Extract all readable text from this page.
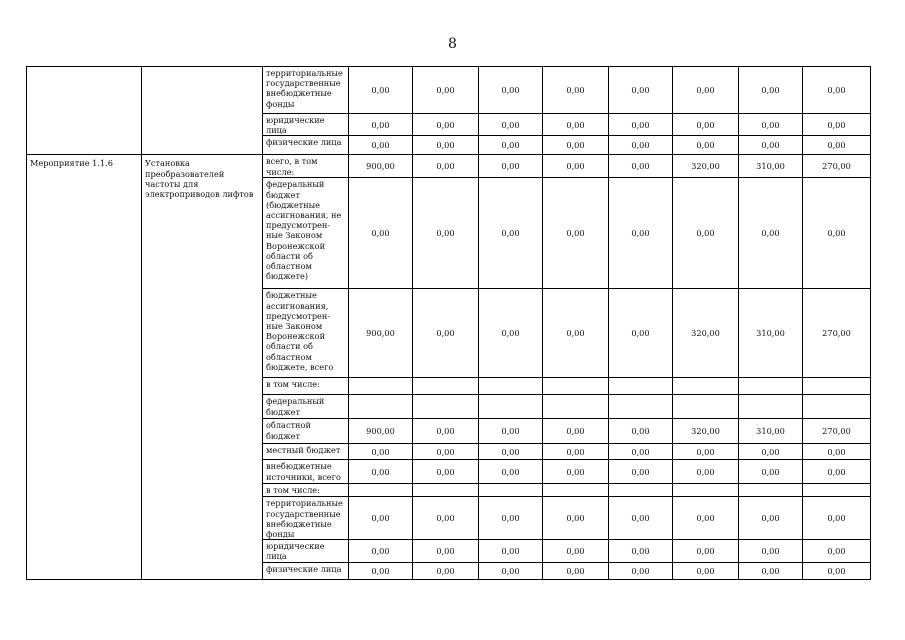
8
		территориальные государственные внебюджетные фонды	0,00	0,00	0,00	0,00	0,00	0,00	0,00	0,00
		юридические лица	0,00	0,00	0,00	0,00	0,00	0,00	0,00	0,00
		физические лица	0,00	0,00	0,00	0,00	0,00	0,00	0,00	0,00
Мероприятие 1.1.6	Установка преобразователей частоты для электроприводов лифтов	всего, в том числе:	900,00	0,00	0,00	0,00	0,00	320,00	310,00	270,00
		федеральный бюджет (бюджетные ассигнования, не предусмотрен-ные Законом Воронежской области об областном бюджете)	0,00	0,00	0,00	0,00	0,00	0,00	0,00	0,00
		бюджетные ассигнования, предусмотрен-ные Законом Воронежской области об областном бюджете, всего	900,00	0,00	0,00	0,00	0,00	320,00	310,00	270,00
		в том числе:								
		федеральный бюджет								
		областной бюджет	900,00	0,00	0,00	0,00	0,00	320,00	310,00	270,00
		местный бюджет	0,00	0,00	0,00	0,00	0,00	0,00	0,00	0,00
		внебюджетные источники, всего	0,00	0,00	0,00	0,00	0,00	0,00	0,00	0,00
		в том числе:								
		территориальные государственные внебюджетные фонды	0,00	0,00	0,00	0,00	0,00	0,00	0,00	0,00
		юридические лица	0,00	0,00	0,00	0,00	0,00	0,00	0,00	0,00
		физические лица	0,00	0,00	0,00	0,00	0,00	0,00	0,00	0,00
